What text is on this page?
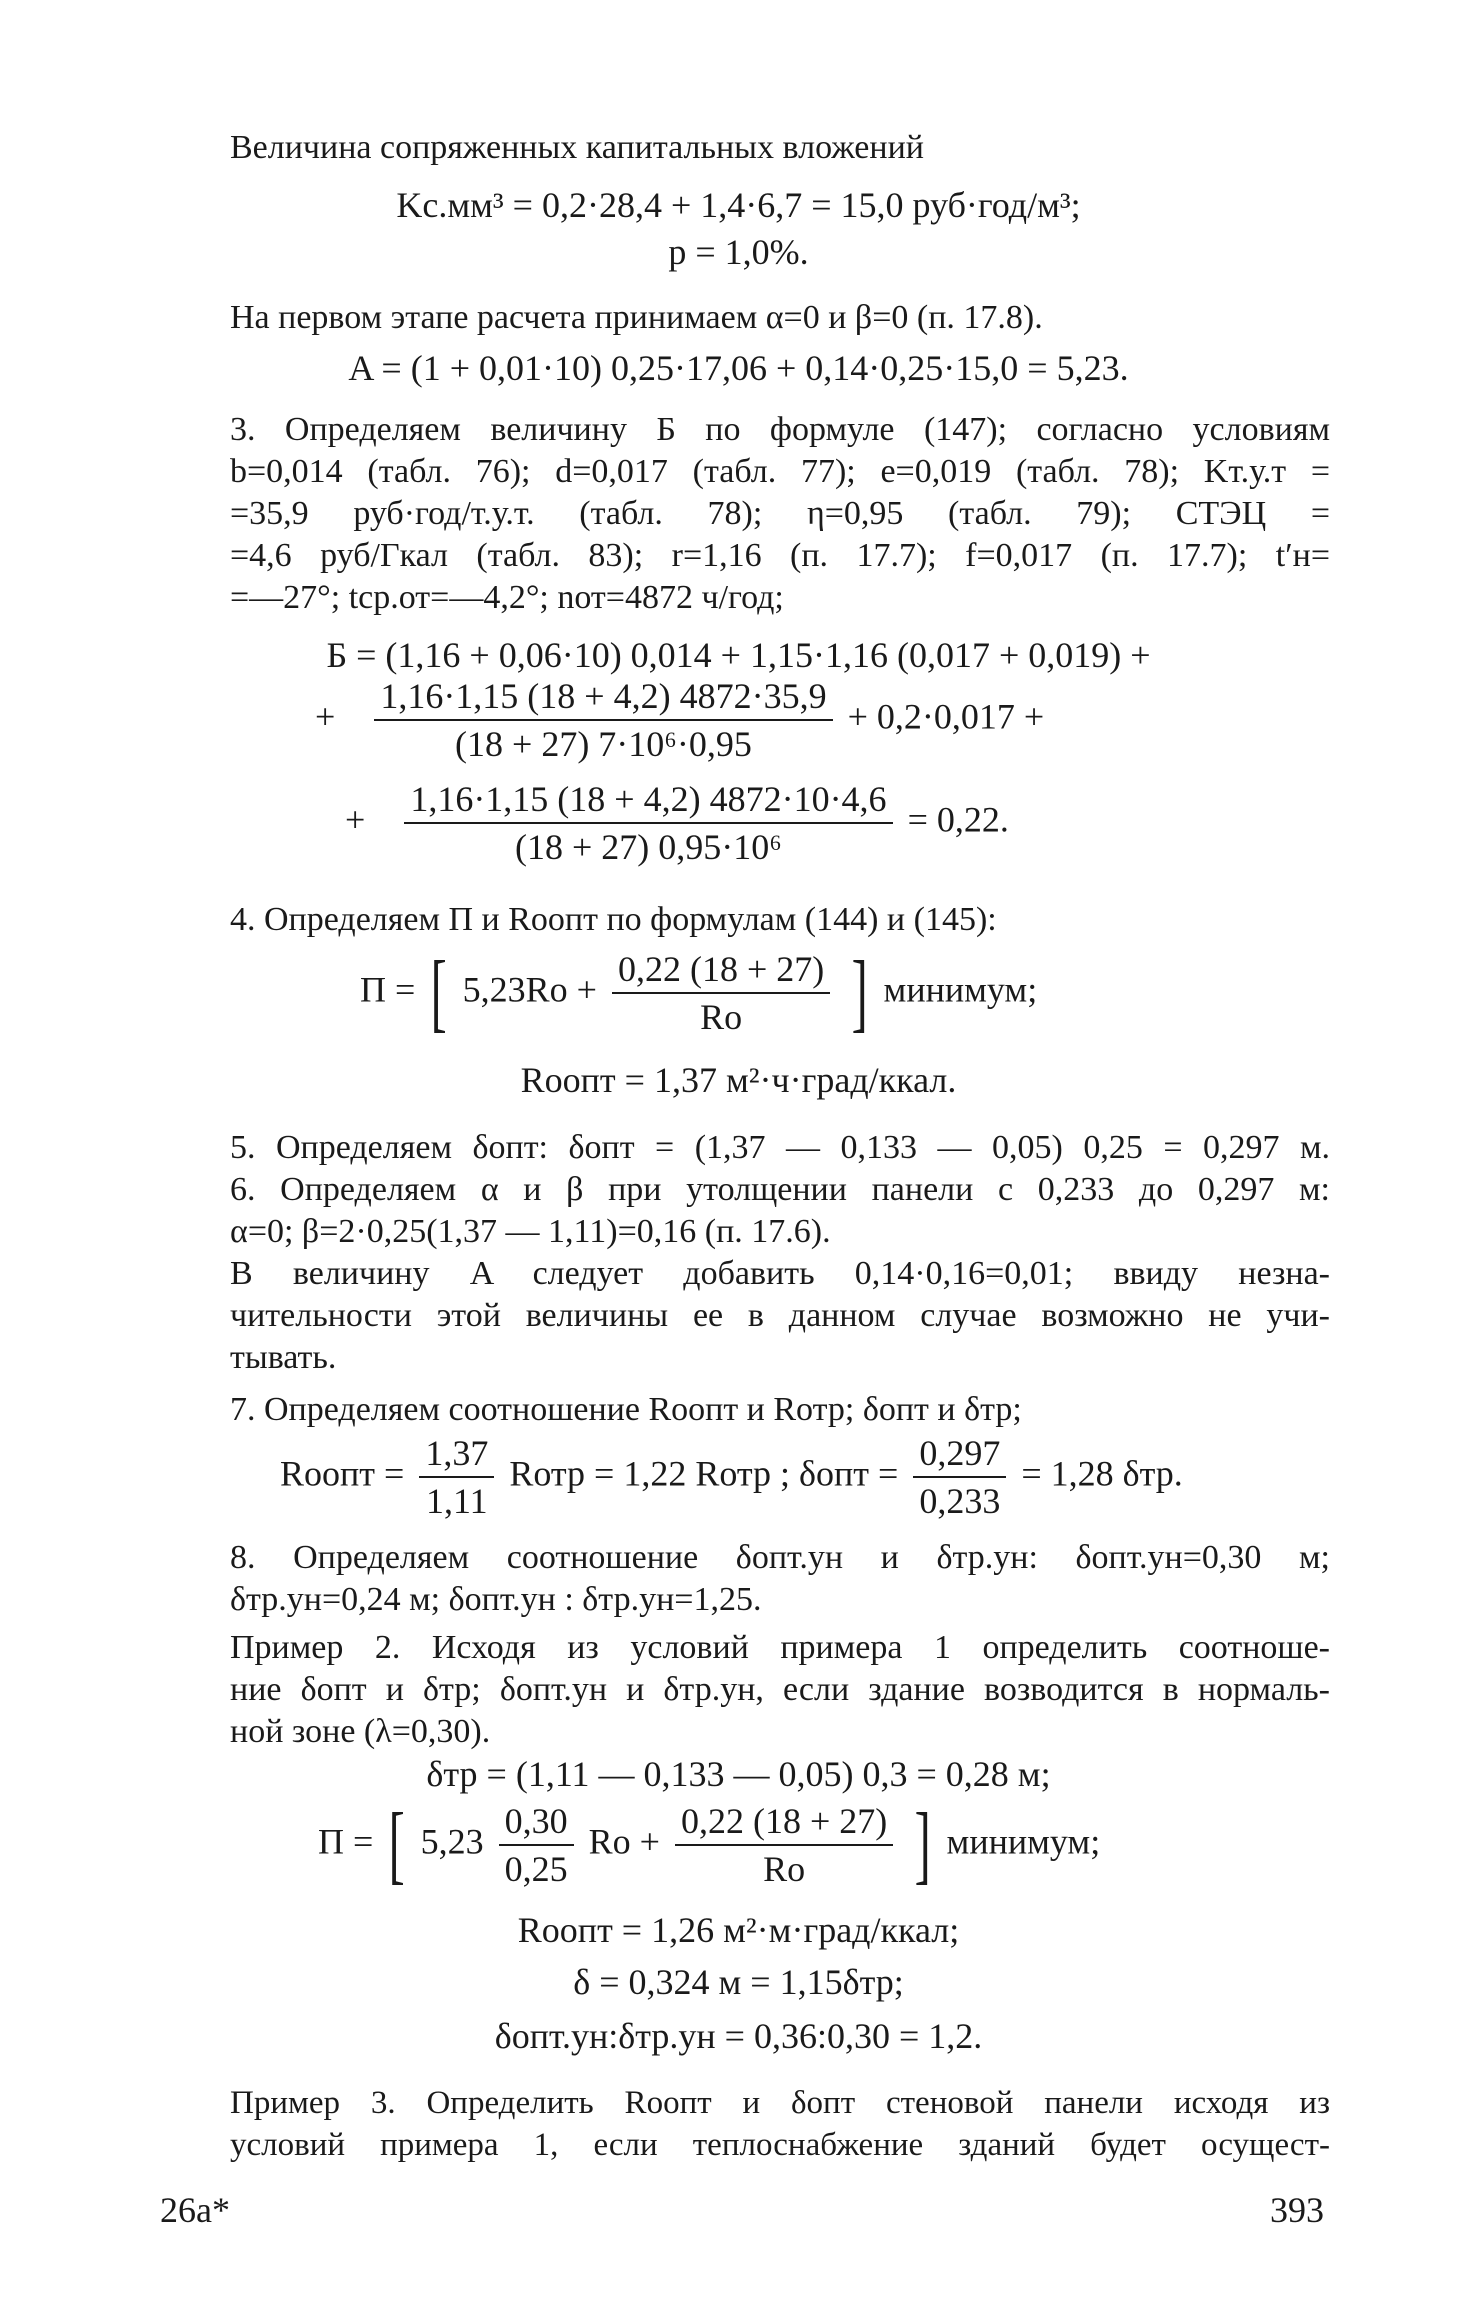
Величина сопряженных капитальных вложений
Kс.мм³ = 0,2·28,4 + 1,4·6,7 = 15,0 руб·год/м³;
p = 1,0%.
На первом этапе расчета принимаем α=0 и β=0 (п. 17.8).
A = (1 + 0,01·10) 0,25·17,06 + 0,14·0,25·15,0 = 5,23.
3. Определяем величину Б по формуле (147); согласно условиям
b=0,014 (табл. 76); d=0,017 (табл. 77); e=0,019 (табл. 78); Kт.у.т =
=35,9 руб·год/т.у.т. (табл. 78); η=0,95 (табл. 79); CТЭЦ =
=4,6 руб/Гкал (табл. 83); r=1,16 (п. 17.7); f=0,017 (п. 17.7); t′н=
=—27°; tср.от=—4,2°; nот=4872 ч/год;
Б = (1,16 + 0,06·10) 0,014 + 1,15·1,16 (0,017 + 0,019) +
+ $\frac{1,16\cdot 1,15 (18 + 4,2) 4872\cdot 35,9}{\text{(18 + 27) 7·10⁶·0,95}} + 0,2\cdot 0,017$ +
+ $\frac{1,16\cdot 1,15 (18 + 4,2) 4872\cdot 10\cdot 4,6}{\text{(18 + 27) 0,95·10⁶}} = 0,22$.
4. Определяем П и Rоопт по формулам (144) и (145):
П = [ $5,23Rо + \frac{0,22 (18 + 27)}{Rо}$ ] минимум;
Rоопт = 1,37 м²·ч·град/ккал.
5. Определяем δопт: δопт = (1,37 — 0,133 — 0,05) 0,25 = 0,297 м.
6. Определяем α и β при утолщении панели с 0,233 до 0,297 м:
α=0; β=2·0,25(1,37 — 1,11)=0,16 (п. 17.6).
В величину A следует добавить 0,14·0,16=0,01; ввиду незна-
чительности этой величины ее в данном случае возможно не учи-
тывать.
7. Определяем соотношение Rоопт и Rотр; δопт и δтр;
Rоопт = $\frac{1,37}{1,11}$ Rотр = 1,22 Rотр ; $\delta опт = \frac{0,297}{0,233} = 1,28$ δтр.
8. Определяем соотношение δопт.ун и δтр.ун: δопт.ун=0,30 м;
δтр.ун=0,24 м; δопт.ун : δтр.ун=1,25.
Пример 2. Исходя из условий примера 1 определить соотноше-
ние δопт и δтр; δопт.ун и δтр.ун, если здание возводится в нормаль-
ной зоне (λ=0,30).
δтр = (1,11 — 0,133 — 0,05) 0,3 = 0,28 м;
П = [ $5,23 \frac{0,30}{0,25}$ Rо + $\frac{0,22 (18 + 27)}{Rо}$ ] минимум;
Rоопт = 1,26 м²·м·град/ккал;
δ = 0,324 м = 1,15δтр;
δопт.ун:δтр.ун = 0,36:0,30 = 1,2.
Пример 3. Определить Rоопт и δопт стеновой панели исходя из
условий примера 1, если теплоснабжение зданий будет осущест-
26а*	393
